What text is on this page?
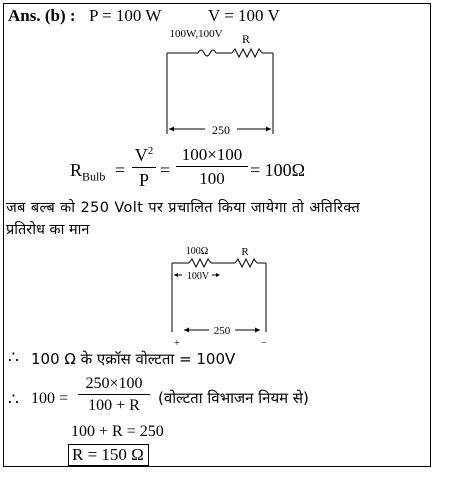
Ans. (b) : P = 100 W	V = 100 V
250
100W,100V R
$R_{Bulb}$ =
$V^2$
P =
100×100
100	= 100Ω
जब बल्ब को 250 Volt पर प्रचालित किया जायेगा तो अतिरिक्त
प्रतिरोध का मान
100V
250
+	−
100Ω	R
∴ 100 Ω के एक्रॉस वोल्टता = 100V
∴ 100 =
250×100
100 + R	(वोल्टता विभाजन नियम से)
100 + R = 250
R = 150 Ω
